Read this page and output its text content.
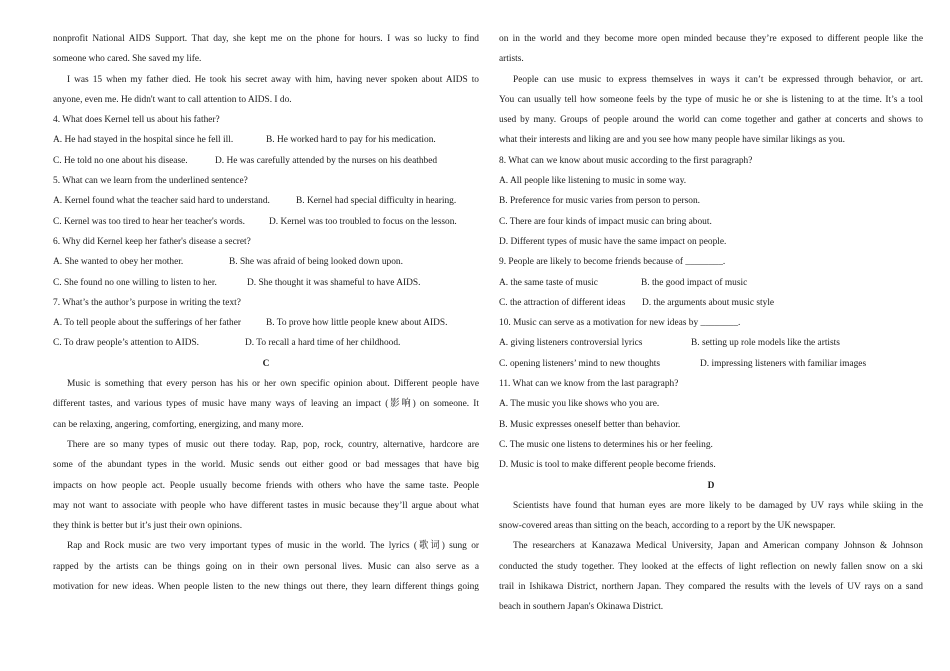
nonprofit National AIDS Support. That day, she kept me on the phone for hours. I was so lucky to find
someone who cared. She saved my life.
I was 15 when my father died. He took his secret away with him, having never spoken about AIDS to
anyone, even me. He didn't want to call attention to AIDS. I do.
4. What does Kernel tell us about his father?
A. He had stayed in the hospital since he fell ill.	B. He worked hard to pay for his medication.
C. He told no one about his disease.	D. He was carefully attended by the nurses on his deathbed
5. What can we learn from the underlined sentence?
A. Kernel found what the teacher said hard to understand.	B. Kernel had special difficulty in hearing.
C. Kernel was too tired to hear her teacher's words.	D. Kernel was too troubled to focus on the lesson.
6. Why did Kernel keep her father's disease a secret?
A. She wanted to obey her mother.	B. She was afraid of being looked down upon.
C. She found no one willing to listen to her.	D. She thought it was shameful to have AIDS.
7. What’s the author’s purpose in writing the text?
A. To tell people about the sufferings of her father	B. To prove how little people knew about AIDS.
C. To draw people’s attention to AIDS.	D. To recall a hard time of her childhood.
C
Music is something that every person has his or her own specific opinion about. Different people have
different tastes, and various types of music have many ways of leaving an impact (影响) on someone. It
can be relaxing, angering, comforting, energizing, and many more.
There are so many types of music out there today. Rap, pop, rock, country, alternative, hardcore are
some of the abundant types in the world. Music sends out either good or bad messages that have big
impacts on how people act. People usually become friends with others who have the same taste. People
may not want to associate with people who have different tastes in music because they’ll argue about what
they think is better but it’s just their own opinions.
Rap and Rock music are two very important types of music in the world. The lyrics (歌词) sung or
rapped by the artists can be things going on in their own personal lives. Music can also serve as a
motivation for new ideas. When people listen to the new things out there, they learn different things going
on in the world and they become more open minded because they’re exposed to different people like the
artists.
People can use music to express themselves in ways it can’t be expressed through behavior, or art.
You can usually tell how someone feels by the type of music he or she is listening to at the time. It’s a tool
used by many. Groups of people around the world can come together and gather at concerts and shows to
what their interests and liking are and you see how many people have similar likings as you.
8. What can we know about music according to the first paragraph?
A. All people like listening to music in some way.
B. Preference for music varies from person to person.
C. There are four kinds of impact music can bring about.
D. Different types of music have the same impact on people.
9. People are likely to become friends because of ________.
A. the same taste of music	B. the good impact of music
C. the attraction of different ideas	D. the arguments about music style
10. Music can serve as a motivation for new ideas by ________.
A. giving listeners controversial lyrics	B. setting up role models like the artists
C. opening listeners’ mind to new thoughts	D. impressing listeners with familiar images
11. What can we know from the last paragraph?
A. The music you like shows who you are.
B. Music expresses oneself better than behavior.
C. The music one listens to determines his or her feeling.
D. Music is tool to make different people become friends.
D
Scientists have found that human eyes are more likely to be damaged by UV rays while skiing in the
snow-covered areas than sitting on the beach, according to a report by the UK newspaper.
The researchers at Kanazawa Medical University, Japan and American company Johnson & Johnson
conducted the study together. They looked at the effects of light reflection on newly fallen snow on a ski
trail in Ishikawa District, northern Japan. They compared the results with the levels of UV rays on a sand
beach in southern Japan's Okinawa District.
